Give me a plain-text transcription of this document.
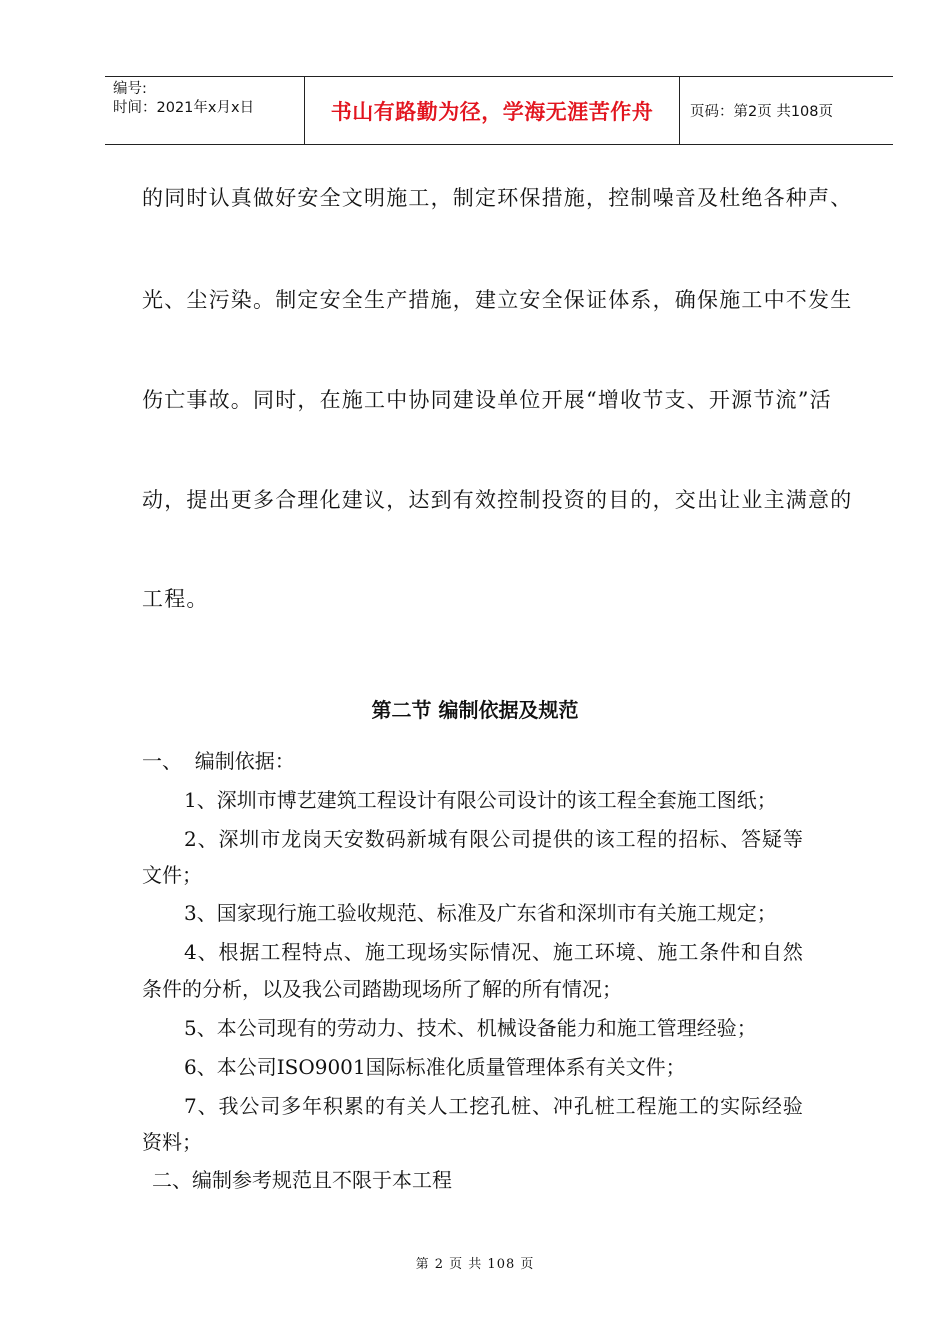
编号:
时间：2021年x月x日	书山有路勤为径，学海无涯苦作舟	页码：第2页 共108页
的同时认真做好安全文明施工，制定环保措施，控制噪音及杜绝各种声、
光、尘污染。制定安全生产措施，建立安全保证体系，确保施工中不发生
伤亡事故。同时，在施工中协同建设单位开展“增收节支、开源节流”活
动，提出更多合理化建议，达到有效控制投资的目的，交出让业主满意的
工程。
第二节 编制依据及规范
一、  编制依据：
1、深圳市博艺建筑工程设计有限公司设计的该工程全套施工图纸；
2、深圳市龙岗天安数码新城有限公司提供的该工程的招标、答疑等
文件；
3、国家现行施工验收规范、标准及广东省和深圳市有关施工规定；
4、根据工程特点、施工现场实际情况、施工环境、施工条件和自然
条件的分析，以及我公司踏勘现场所了解的所有情况；
5、本公司现有的劳动力、技术、机械设备能力和施工管理经验；
6、本公司ISO9001国际标准化质量管理体系有关文件；
7、我公司多年积累的有关人工挖孔桩、冲孔桩工程施工的实际经验
资料；
二、编制参考规范且不限于本工程
第 2 页 共 108 页
